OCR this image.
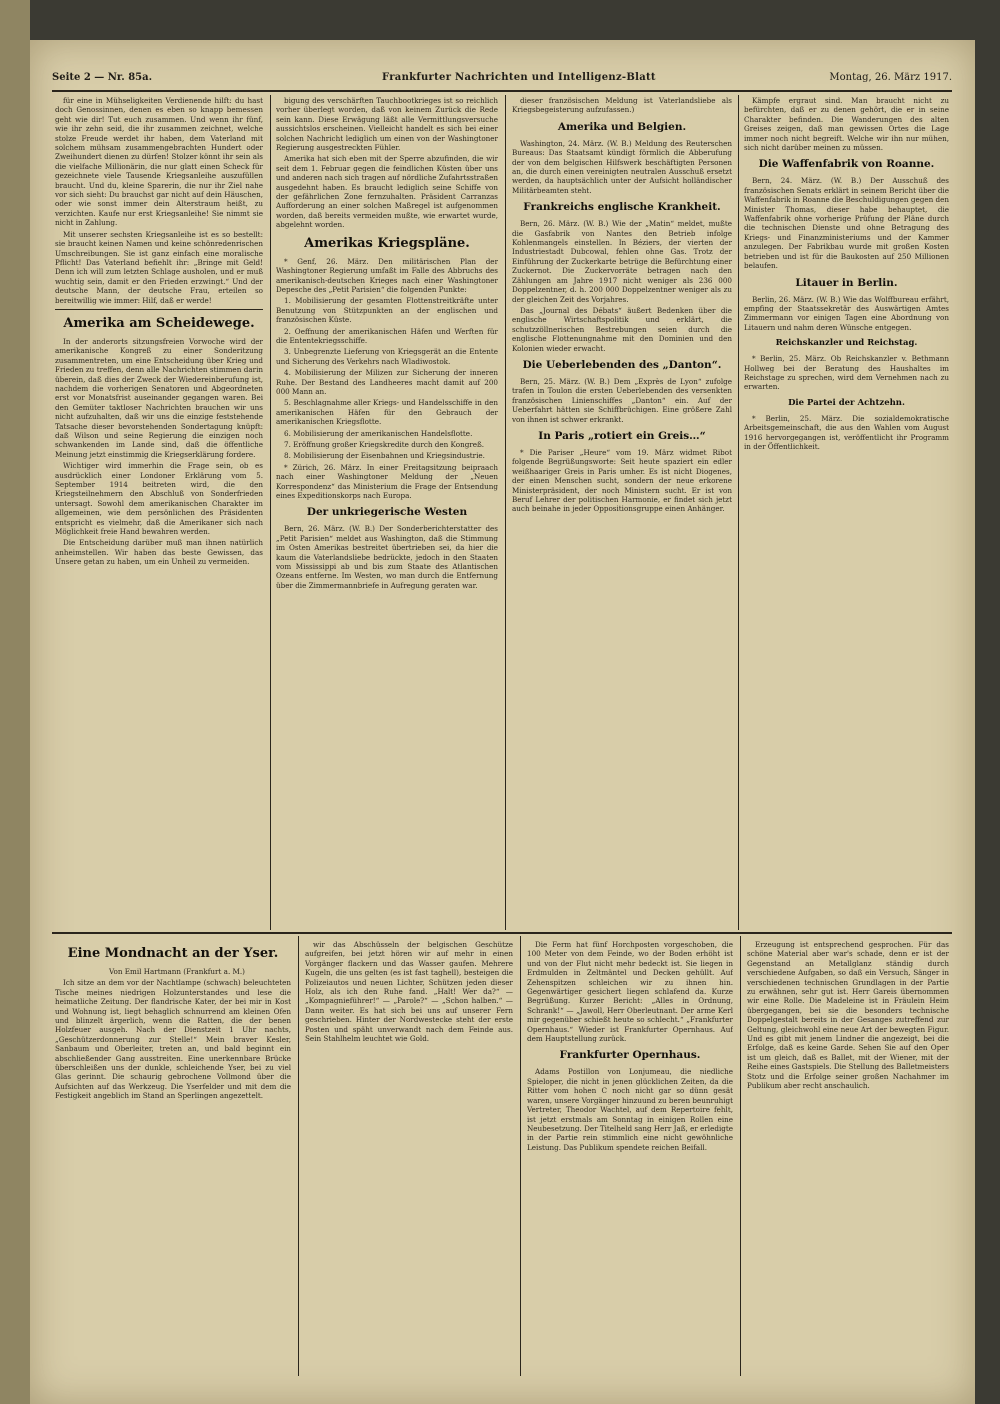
Seite 2 — Nr. 85a.	Frankfurter Nachrichten und Intelligenz-Blatt	Montag, 26. März 1917.

für eine in Mühseligkeiten Verdienende hilft: du hast doch Genossinnen, denen es eben so knapp bemessen geht wie dir! Tut euch zusammen. Und wenn ihr fünf, wie ihr zehn seid, die ihr zusammen zeichnet, welche stolze Freude werdet ihr haben, dem Vaterland mit solchem mühsam zusammengebrachten Hundert oder Zweihundert dienen zu dürfen! Stolzer könnt ihr sein als die vielfache Millionärin, die nur glatt einen Scheck für gezeichnete viele Tausende Kriegsanleihe auszufüllen braucht. Und du, kleine Sparerin, die nur ihr Ziel nahe vor sich sieht: Du brauchst gar nicht auf dein Häuschen, oder wie sonst immer dein Alterstraum heißt, zu verzichten. Kaufe nur erst Kriegsanleihe! Sie nimmt sie nicht in Zahlung.

Mit unserer sechsten Kriegsanleihe ist es so bestellt: sie braucht keinen Namen und keine schönredenrischen Umschreibungen. Sie ist ganz einfach eine moralische Pflicht! Das Vaterland befiehlt ihr: „Bringe mit Geld! Denn ich will zum letzten Schlage ausholen, und er muß wuchtig sein, damit er den Frieden erzwingt.“ Und der deutsche Mann, der deutsche Frau, erteilen so bereitwillig wie immer: Hilf, daß er werde!

Amerika am Scheidewege.

In der anderorts sitzungsfreien Vorwoche wird der amerikanische Kongreß zu einer Sonderitzung zusammentreten, um eine Entscheidung über Krieg und Frieden zu treffen, denn alle Nachrichten stimmen darin überein, daß dies der Zweck der Wiedereinberufung ist, nachdem die vorherigen Senatoren und Abgeordneten erst vor Monatsfrist auseinander gegangen waren. Bei den Gemüter taktloser Nachrichten brauchen wir uns nicht aufzuhalten, daß wir uns die einzige feststehende Tatsache dieser bevorstehenden Sondertagung knüpft: daß Wilson und seine Regierung die einzigen noch schwankenden im Lande sind, daß die öffentliche Meinung jetzt einstimmig die Kriegserklärung fordere.

Wichtiger wird immerhin die Frage sein, ob es ausdrücklich einer Londoner Erklärung vom 5. September 1914 beitreten wird, die den Kriegsteilnehmern den Abschluß von Sonderfrieden untersagt. Sowohl dem amerikanischen Charakter im allgemeinen, wie dem persönlichen des Präsidenten entspricht es vielmehr, daß die Amerikaner sich nach Möglichkeit freie Hand bewahren werden.

Die Entscheidung darüber muß man ihnen natürlich anheimstellen. Wir haben das beste Gewissen, das Unsere getan zu haben, um ein Unheil zu vermeiden.

bigung des verschärften Tauchbootkrieges ist so reichlich vorher überlegt worden, daß von keinem Zurück die Rede sein kann. Diese Erwägung läßt alle Vermittlungsversuche aussichtslos erscheinen. Vielleicht handelt es sich bei einer solchen Nachricht lediglich um einen von der Washingtoner Regierung ausgestreckten Fühler.

Amerika hat sich eben mit der Sperre abzufinden, die wir seit dem 1. Februar gegen die feindlichen Küsten über uns und anderen nach sich tragen auf nördliche Zufahrtsstraßen ausgedehnt haben. Es braucht lediglich seine Schiffe von der gefährlichen Zone fernzuhalten. Präsident Carranzas Aufforderung an einer solchen Maßregel ist aufgenommen worden, daß bereits vermeiden mußte, wie erwartet wurde, abgelehnt worden.

Amerikas Kriegspläne.

* Genf, 26. März. Den militärischen Plan der Washingtoner Regierung umfaßt im Falle des Abbruchs des amerikanisch-deutschen Krieges nach einer Washingtoner Depesche des „Petit Parisien“ die folgenden Punkte:

1. Mobilisierung der gesamten Flottenstreitkräfte unter Benutzung von Stützpunkten an der englischen und französischen Küste.

2. Oeffnung der amerikanischen Häfen und Werften für die Ententekriegsschiffe.

3. Unbegrenzte Lieferung von Kriegsgerät an die Entente und Sicherung des Verkehrs nach Wladiwostok.

4. Mobilisierung der Milizen zur Sicherung der inneren Ruhe. Der Bestand des Landheeres macht damit auf 200 000 Mann an.

5. Beschlagnahme aller Kriegs- und Handelsschiffe in den amerikanischen Häfen für den Gebrauch der amerikanischen Kriegsflotte.

6. Mobilisierung der amerikanischen Handelsflotte.

7. Eröffnung großer Kriegskredite durch den Kongreß.

8. Mobilisierung der Eisenbahnen und Kriegsindustrie.

* Zürich, 26. März. In einer Freitagsitzung beipraach nach einer Washingtoner Meldung der „Neuen Korrespondenz“ das Ministerium die Frage der Entsendung eines Expeditionskorps nach Europa.

Der unkriegerische Westen

Bern, 26. März. (W. B.) Der Sonderberichterstatter des „Petit Parisien“ meldet aus Washington, daß die Stimmung im Osten Amerikas bestreitet übertrieben sei, da hier die kaum die Vaterlandsliebe bedrückte, jedoch in den Staaten vom Mississippi ab und bis zum Staate des Atlantischen Ozeans entferne. Im Westen, wo man durch die Entfernung über die Zimmermannbriefe in Aufregung geraten war.

dieser französischen Meldung ist Vaterlandsliebe als Kriegsbegeisterung aufzufassen.)

Amerika und Belgien.

Washington, 24. März. (W. B.) Meldung des Reuterschen Bureaus: Das Staatsamt kündigt förmlich die Abberufung der von dem belgischen Hilfswerk beschäftigten Personen an, die durch einen vereinigten neutralen Ausschuß ersetzt werden, da hauptsächlich unter der Aufsicht holländischer Militärbeamten steht.

Frankreichs englische Krankheit.

Bern, 26. März. (W. B.) Wie der „Matin“ meldet, mußte die Gasfabrik von Nantes den Betrieb infolge Kohlenmangels einstellen. In Béziers, der vierten der Industriestadt Dubcowal, fehlen ohne Gas. Trotz der Einführung der Zuckerkarte betrüge die Befürchtung einer Zuckernot. Die Zuckervorräte betragen nach den Zählungen am Jahre 1917 nicht weniger als 236 000 Doppelzentner, d. h. 200 000 Doppelzentner weniger als zu der gleichen Zeit des Vorjahres.

Das „Journal des Débats“ äußert Bedenken über die englische Wirtschaftspolitik und erklärt, die schutzzöllnerischen Bestrebungen seien durch die englische Flottenungnahme mit den Dominien und den Kolonien wieder erwacht.

Die Ueberlebenden des „Danton“.

Bern, 25. März. (W. B.) Dem „Exprès de Lyon“ zufolge trafen in Toulon die ersten Ueberlebenden des versenkten französischen Linienschiffes „Danton“ ein. Auf der Ueberfahrt hätten sie Schiffbrüchigen. Eine größere Zahl von ihnen ist schwer erkrankt.

In Paris „rotiert ein Greis…“

* Die Pariser „Heure“ vom 19. März widmet Ribot folgende Begrüßungsworte: Seit heute spaziert ein edler weißhaariger Greis in Paris umher. Es ist nicht Diogenes, der einen Menschen sucht, sondern der neue erkorene Ministerpräsident, der noch Ministern sucht. Er ist von Beruf Lehrer der politischen Harmonie, er findet sich jetzt auch beinahe in jeder Oppositionsgruppe einen Anhänger.

Kämpfe ergraut sind. Man braucht nicht zu befürchten, daß er zu denen gehört, die er in seine Charakter befinden. Die Wanderungen des alten Greises zeigen, daß man gewissen Ortes die Lage immer noch nicht begreift. Welche wir ihn nur mühen, sich nicht darüber meinen zu müssen.

Die Waffenfabrik von Roanne.

Bern, 24. März. (W. B.) Der Ausschuß des französischen Senats erklärt in seinem Bericht über die Waffenfabrik in Roanne die Beschuldigungen gegen den Minister Thomas, dieser habe behauptet, die Waffenfabrik ohne vorherige Prüfung der Pläne durch die technischen Dienste und ohne Betragung des Kriegs- und Finanzministeriums und der Kammer anzulegen. Der Fabrikbau wurde mit großen Kosten betrieben und ist für die Baukosten auf 250 Millionen belaufen.

Litauer in Berlin.

Berlin, 26. März. (W. B.) Wie das Wolffbureau erfährt, empfing der Staatssekretär des Auswärtigen Amtes Zimmermann vor einigen Tagen eine Abordnung von Litauern und nahm deren Wünsche entgegen.

Reichskanzler und Reichstag.

* Berlin, 25. März. Ob Reichskanzler v. Bethmann Hollweg bei der Beratung des Haushaltes im Reichstage zu sprechen, wird dem Vernehmen nach zu erwarten.

Die Partei der Achtzehn.

* Berlin, 25. März. Die sozialdemokratische Arbeitsgemeinschaft, die aus den Wahlen vom August 1916 hervorgegangen ist, veröffentlicht ihr Programm in der Öffentlichkeit.

Eine Mondnacht an der Yser.

Von Emil Hartmann (Frankfurt a. M.)

Ich sitze an dem vor der Nachtlampe (schwach) beleuchteten Tische meines niedrigen Holzunterstandes und lese die heimatliche Zeitung. Der flandrische Kater, der bei mir in Kost und Wohnung ist, liegt behaglich schnurrend am kleinen Ofen und blinzelt ärgerlich, wenn die Ratten, die der benen Holzfeuer ausgeh. Nach der Dienstzeit 1 Uhr nachts, „Geschützerdonnerung zur Stelle!“ Mein braver Kesler, Sanbaum und Oberleiter, treten an, und bald beginnt ein abschließender Gang ausstreiten. Eine unerkennbare Brücke überschleißen uns der dunkle, schleichende Yser, bei zu viel Glas gerinnt. Die schaurig gebrochene Vollmond über die Aufsichten auf das Werkzeug. Die Yserfelder und mit dem die Festigkeit angeblich im Stand an Sperlingen angezettelt.

wir das Abschüsseln der belgischen Geschütze aufgreifen, bei jetzt hören wir auf mehr in einen Vorgänger flackern und das Wasser gaufen. Mehrere Kugeln, die uns gelten (es ist fast taghell), besteigen die Polizeiautos und neuen Lichter, Schützen jeden dieser Holz, als ich den Ruhe fand. „Halt! Wer da?“ — „Kompagnieführer!“ — „Parole?“ — „Schon halben.“ — Dann weiter. Es hat sich bei uns auf unserer Fern geschrieben. Hinter der Nordwestecke steht der erste Posten und späht unverwandt nach dem Feinde aus. Sein Stahlhelm leuchtet wie Gold.

Die Ferm hat fünf Horchposten vorgeschoben, die 100 Meter von dem Feinde, wo der Boden erhöht ist und von der Flut nicht mehr bedeckt ist. Sie liegen in Erdmulden in Zeltmäntel und Decken gehüllt. Auf Zehenspitzen schleichen wir zu ihnen hin. Gegenwärtiger gesichert liegen schlafend da. Kurze Begrüßung. Kurzer Bericht: „Alles in Ordnung, Schrank!“ — „Jawoll, Herr Oberleutnant. Der arme Kerl mir gegenüber schießt heute so schlecht.“ „Frankfurter Opernhaus.“ Wieder ist Frankfurter Opernhaus. Auf dem Hauptstellung zurück.

Frankfurter Opernhaus.

Adams Postillon von Lonjumeau, die niedliche Spieloper, die nicht in jenen glücklichen Zeiten, da die Ritter vom hohen C noch nicht gar so dünn gesät waren, unsere Vorgänger hinzuund zu beren beunruhigt Vertreter, Theodor Wachtel, auf dem Repertoire fehlt, ist jetzt erstmals am Sonntag in einigen Rollen eine Neubesetzung. Der Titelheld sang Herr Jaß, er erledigte in der Partie rein stimmlich eine nicht gewöhnliche Leistung. Das Publikum spendete reichen Beifall.

Erzeugung ist entsprechend gesprochen. Für das schöne Material aber war's schade, denn er ist der Gegenstand an Metallglanz ständig durch verschiedene Aufgaben, so daß ein Versuch, Sänger in verschiedenen technischen Grundlagen in der Partie zu erwähnen, sehr gut ist. Herr Gareis übernommen wir eine Rolle. Die Madeleine ist in Fräulein Heim übergegangen, bei sie die besonders technische Doppelgestalt bereits in der Gesanges zutreffend zur Geltung, gleichwohl eine neue Art der bewegten Figur. Und es gibt mit jenem Lindner die angezeigt, bei die Erfolge, daß es keine Garde. Sehen Sie auf den Oper ist um gleich, daß es Ballet, mit der Wiener, mit der Reihe eines Gastspiels. Die Stellung des Balletmeisters Stotz und die Erfolge seiner großen Nachahmer im Publikum aber recht anschaulich.
